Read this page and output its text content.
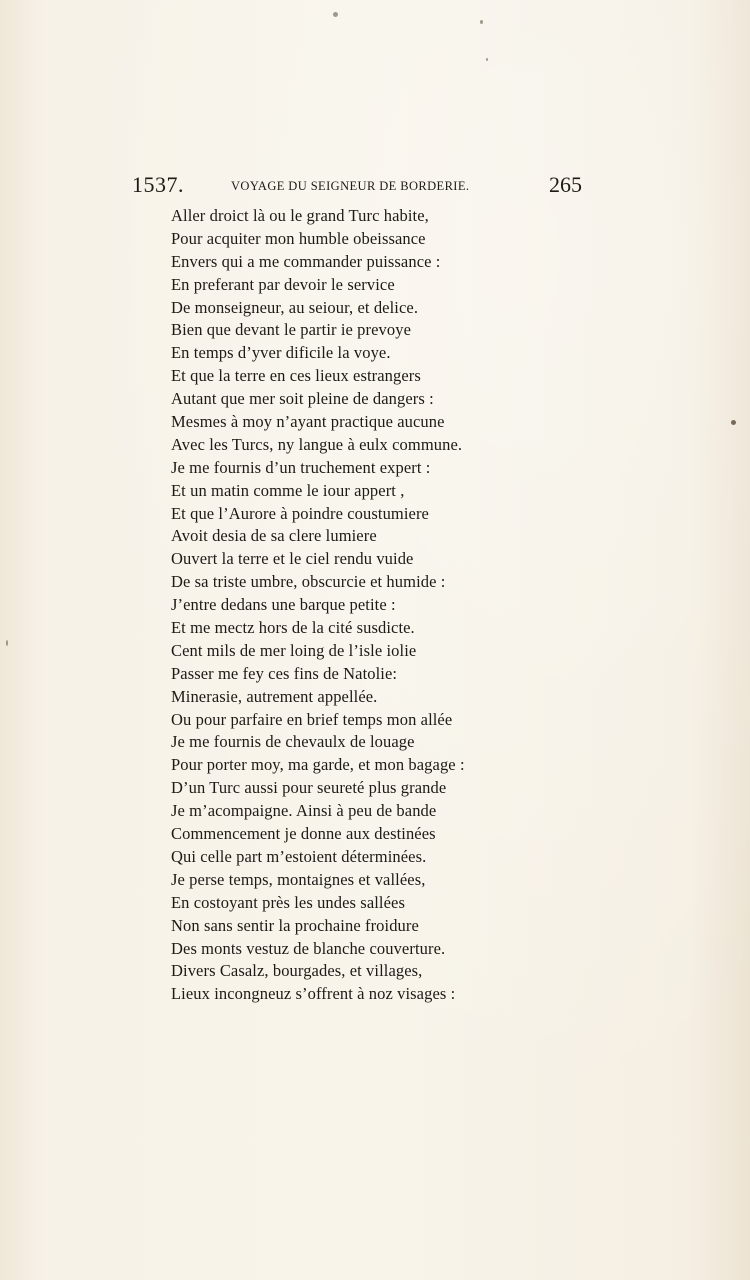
1537.	VOYAGE DU SEIGNEUR DE BORDERIE.	265
Aller droict là ou le grand Turc habite,
Pour acquiter mon humble obeissance
Envers qui a me commander puissance :
En preferant par devoir le service
De monseigneur, au seiour, et delice.
Bien que devant le partir ie prevoye
En temps d’yver dificile la voye.
Et que la terre en ces lieux estrangers
Autant que mer soit pleine de dangers :
Mesmes à moy n’ayant practique aucune
Avec les Turcs, ny langue à eulx commune.
Je me fournis d’un truchement expert :
Et un matin comme le iour appert ,
Et que l’Aurore à poindre coustumiere
Avoit desia de sa clere lumiere
Ouvert la terre et le ciel rendu vuide
De sa triste umbre, obscurcie et humide :
J’entre dedans une barque petite :
Et me mectz hors de la cité susdicte.
Cent mils de mer loing de l’isle iolie
Passer me fey ces fins de Natolie:
Minerasie, autrement appellée.
Ou pour parfaire en brief temps mon allée
Je me fournis de chevaulx de louage
Pour porter moy, ma garde, et mon bagage :
D’un Turc aussi pour seureté plus grande
Je m’acompaigne. Ainsi à peu de bande
Commencement je donne aux destinées
Qui celle part m’estoient déterminées.
Je perse temps, montaignes et vallées,
En costoyant près les undes sallées
Non sans sentir la prochaine froidure
Des monts vestuz de blanche couverture.
Divers Casalz, bourgades, et villages,
Lieux incongneuz s’offrent à noz visages :
